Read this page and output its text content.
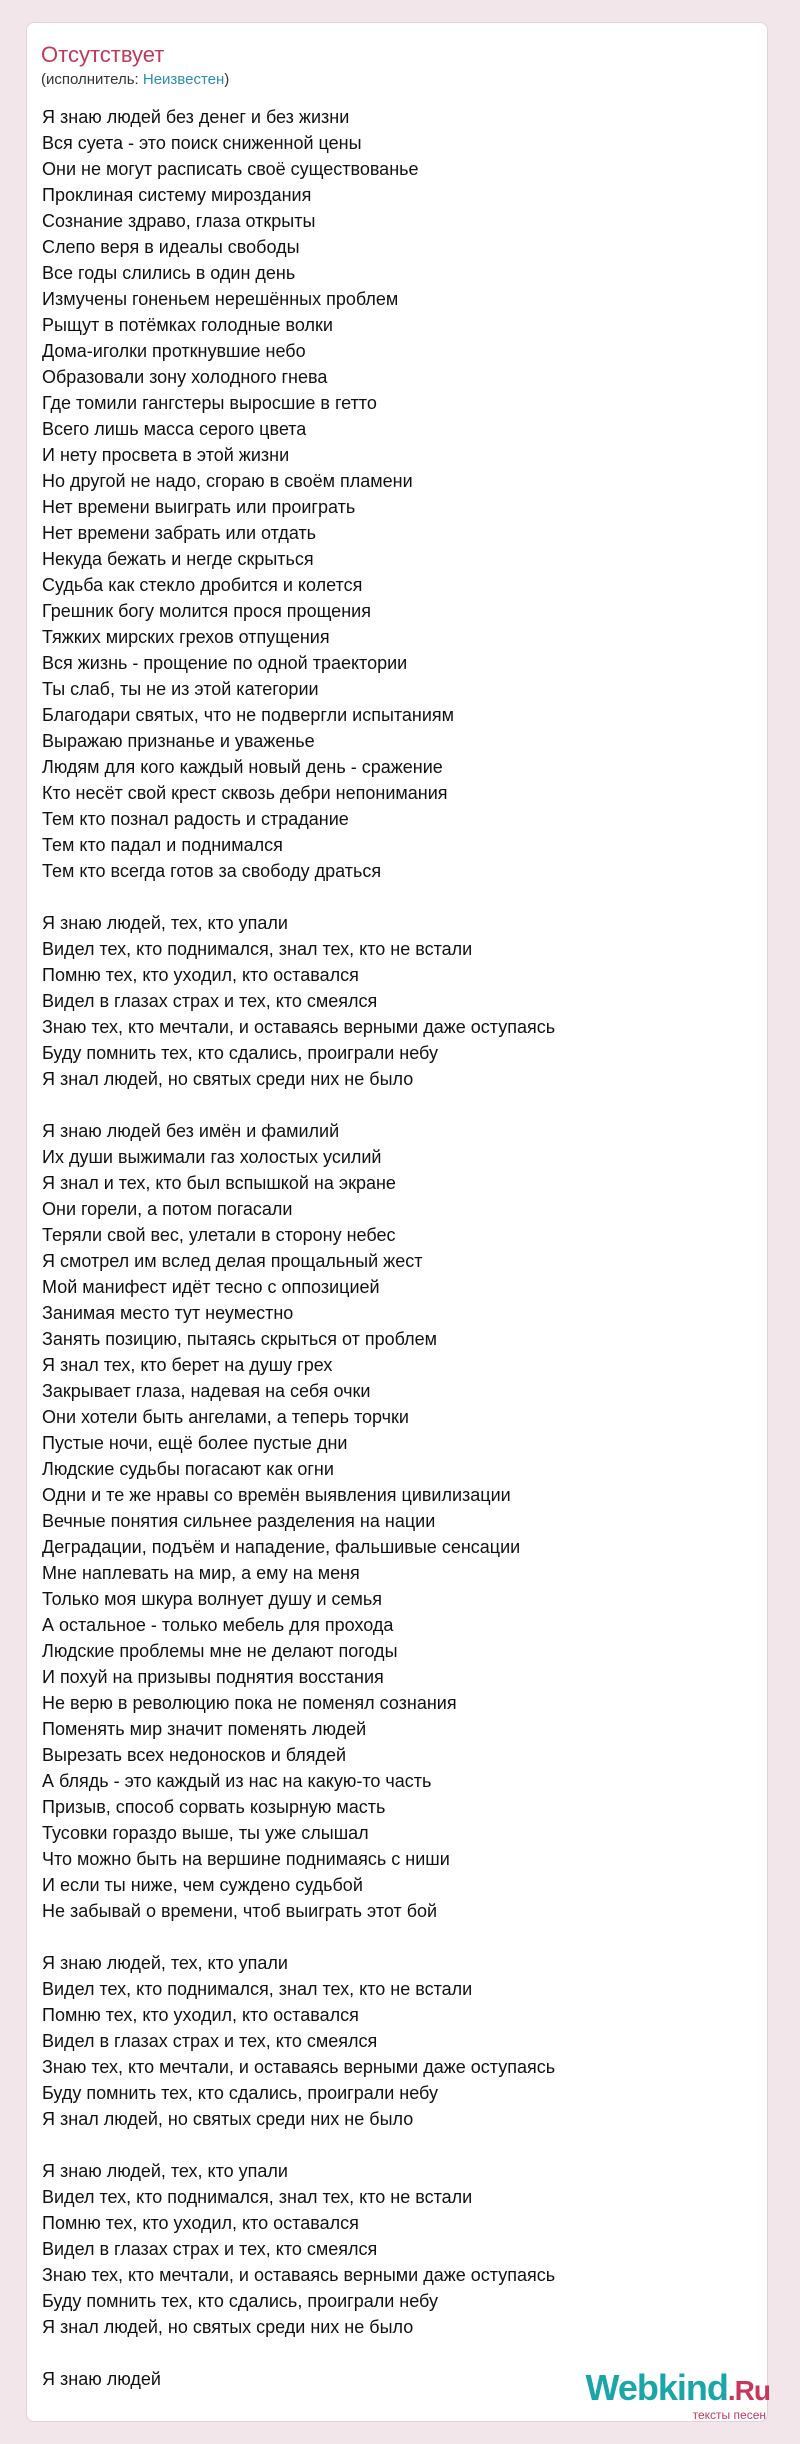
Отсутствует
(исполнитель: Неизвестен)
Я знаю людей без денег и без жизни
Вся суета - это поиск сниженной цены
Они не могут расписать своё существованье
Проклиная систему мироздания
Сознание здраво, глаза открыты
Слепо веря в идеалы свободы
Все годы слились в один день
Измучены гоненьем нерешённых проблем
Рыщут в потёмках голодные волки
Дома-иголки проткнувшие небо
Образовали зону холодного гнева
Где томили гангстеры выросшие в гетто
Всего лишь масса серого цвета
И нету просвета в этой жизни
Но другой не надо, сгораю в своём пламени
Нет времени выиграть или проиграть
Нет времени забрать или отдать
Некуда бежать и негде скрыться
Судьба как стекло дробится и колется
Грешник богу молится прося прощения
Тяжких мирских грехов отпущения
Вся жизнь - прощение по одной траектории
Ты слаб, ты не из этой категории
Благодари святых, что не подвергли испытаниям
Выражаю признанье и уваженье
Людям для кого каждый новый день - сражение
Кто несёт свой крест сквозь дебри непонимания
Тем кто познал радость и страдание
Тем кто падал и поднимался
Тем кто всегда готов за свободу драться
Я знаю людей, тех, кто упали
Видел тех, кто поднимался, знал тех, кто не встали
Помню тех, кто уходил, кто оставался
Видел в глазах страх и тех, кто смеялся
Знаю тех, кто мечтали, и оставаясь верными даже оступаясь
Буду помнить тех, кто сдались, проиграли небу
Я знал людей, но святых среди них не было
Я знаю людей без имён и фамилий
Их души выжимали газ холостых усилий
Я знал и тех, кто был вспышкой на экране
Они горели, а потом погасали
Теряли свой вес, улетали в сторону небес
Я смотрел им вслед делая прощальный жест
Мой манифест идёт тесно с оппозицией
Занимая место тут неуместно
Занять позицию, пытаясь скрыться от проблем
Я знал тех, кто берет на душу грех
Закрывает глаза, надевая на себя очки
Они хотели быть ангелами, а теперь торчки
Пустые ночи, ещё более пустые дни
Людские судьбы погасают как огни
Одни и те же нравы со времён выявления цивилизации
Вечные понятия сильнее разделения на нации
Деградации, подъём и нападение, фальшивые сенсации
Мне наплевать на мир, а ему на меня
Только моя шкура волнует душу и семья
А остальное - только мебель для прохода
Людские проблемы мне не делают погоды
И похуй на призывы поднятия восстания
Не верю в революцию пока не поменял сознания
Поменять мир значит поменять людей
Вырезать всех недоносков и блядей
А блядь - это каждый из нас на какую-то часть
Призыв, способ сорвать козырную масть
Тусовки гораздо выше, ты уже слышал
Что можно быть на вершине поднимаясь с ниши
И если ты ниже, чем суждено судьбой
Не забывай о времени, чтоб выиграть этот бой
Я знаю людей, тех, кто упали
Видел тех, кто поднимался, знал тех, кто не встали
Помню тех, кто уходил, кто оставался
Видел в глазах страх и тех, кто смеялся
Знаю тех, кто мечтали, и оставаясь верными даже оступаясь
Буду помнить тех, кто сдались, проиграли небу
Я знал людей, но святых среди них не было
Я знаю людей, тех, кто упали
Видел тех, кто поднимался, знал тех, кто не встали
Помню тех, кто уходил, кто оставался
Видел в глазах страх и тех, кто смеялся
Знаю тех, кто мечтали, и оставаясь верными даже оступаясь
Буду помнить тех, кто сдались, проиграли небу
Я знал людей, но святых среди них не было
Я знаю людей	Webkind.Ru
тексты песен
